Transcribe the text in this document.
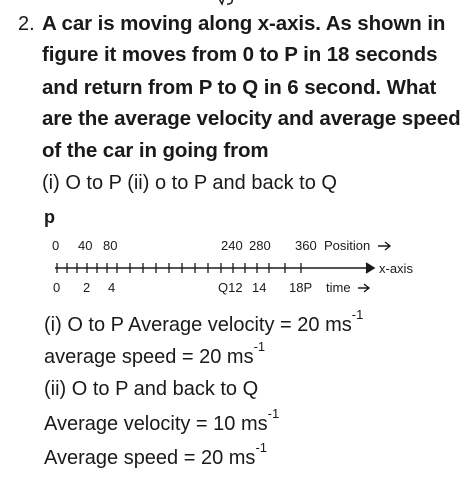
2. A car is moving along x-axis. As shown in
figure it moves from 0 to P in 18 seconds
and return from P to Q in 6 second. What
are the average velocity and average speed
of the car in going from
(i) O to P (ii) o to P and back to Q
p
0 40 80	240 280 360 Position
x-axis
0 2 4	Q12 14 18P time
(i) O to P Average velocity = 20 $ms^{-1}$
average speed = 20 $ms^{-1}$
(ii) O to P and back to Q
Average velocity = 10 $ms^{-1}$
Average speed = 20 $ms^{-1}$
